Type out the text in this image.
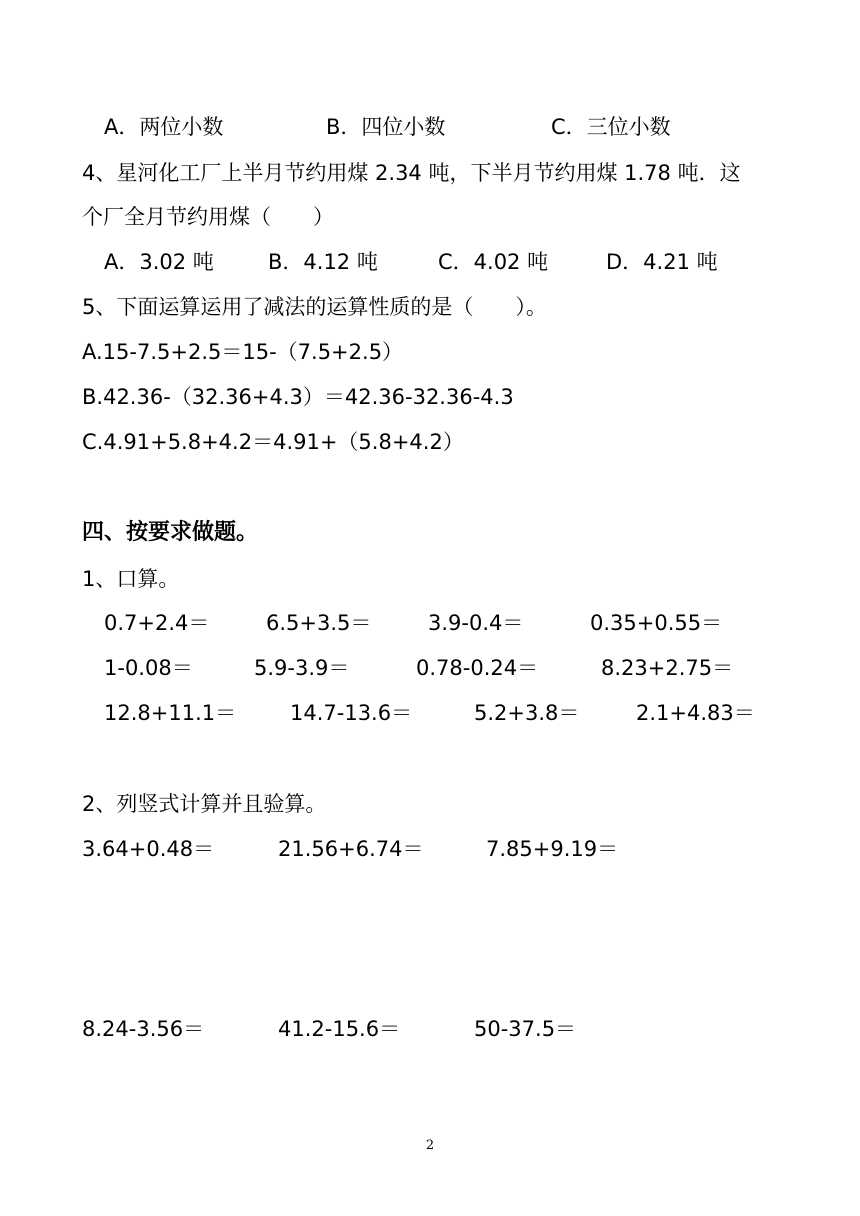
A．两位小数	B．四位小数	C．三位小数
4、星河化工厂上半月节约用煤 2.34 吨，下半月节约用煤 1.78 吨．这
个厂全月节约用煤（　　）
A．3.02 吨	B．4.12 吨	C．4.02 吨	D．4.21 吨
5、下面运算运用了减法的运算性质的是（　　）。
A.15-7.5+2.5＝15-（7.5+2.5）
B.42.36-（32.36+4.3）＝42.36-32.36-4.3
C.4.91+5.8+4.2＝4.91+（5.8+4.2）
四、按要求做题。
1、口算。
0.7+2.4＝	6.5+3.5＝	3.9-0.4＝	0.35+0.55＝
1-0.08＝	5.9-3.9＝	0.78-0.24＝	8.23+2.75＝
12.8+11.1＝	14.7-13.6＝	5.2+3.8＝	2.1+4.83＝
2、列竖式计算并且验算。
3.64+0.48＝	21.56+6.74＝	7.85+9.19＝
8.24-3.56＝	41.2-15.6＝	50-37.5＝
2
